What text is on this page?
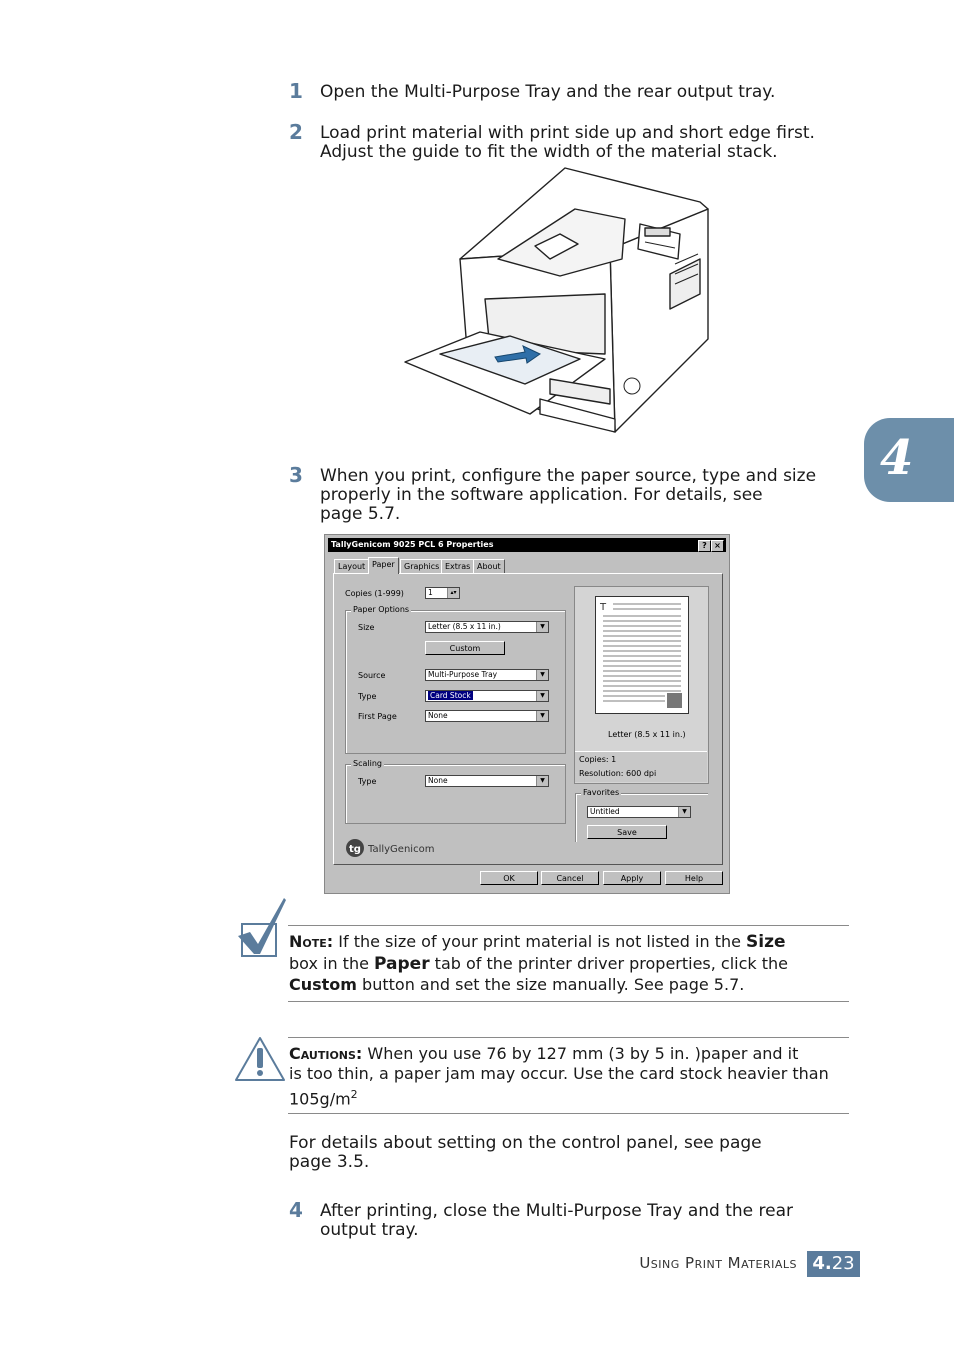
1 Open the Multi-Purpose Tray and the rear output tray.
2 Load print material with print side up and short edge first.
Adjust the guide to fit the width of the material stack.
4
3 When you print, configure the paper source, type and size
properly in the software application. For details, see
page 5.7.
TallyGenicom 9025 PCL 6 Properties	? ×
Layout Paper	Graphics Extras About
Copies (1-999)	1	▴▾
Paper Options
Size	Letter (8.5 x 11 in.)	▼
Custom
Source	Multi-Purpose Tray	▼
Type	Card Stock	▼
First Page	None	▼
Scaling
Type	None	▼
T
Letter (8.5 x 11 in.)
Copies: 1
Resolution: 600 dpi
Favorites
Untitled	▼
Save
tg TallyGenicom
OK	Cancel	Apply	Help
Note: If the size of your print material is not listed in the Size
box in the Paper tab of the printer driver properties, click the
Custom button and set the size manually. See page 5.7.
Cautions: When you use 76 by 127 mm (3 by 5 in. )paper and it
is too thin, a paper jam may occur. Use the card stock heavier than
$105g/m^2$
For details about setting on the control panel, see page
page 3.5.
4 After printing, close the Multi-Purpose Tray and the rear
output tray.
Using Print Materials 4.23
